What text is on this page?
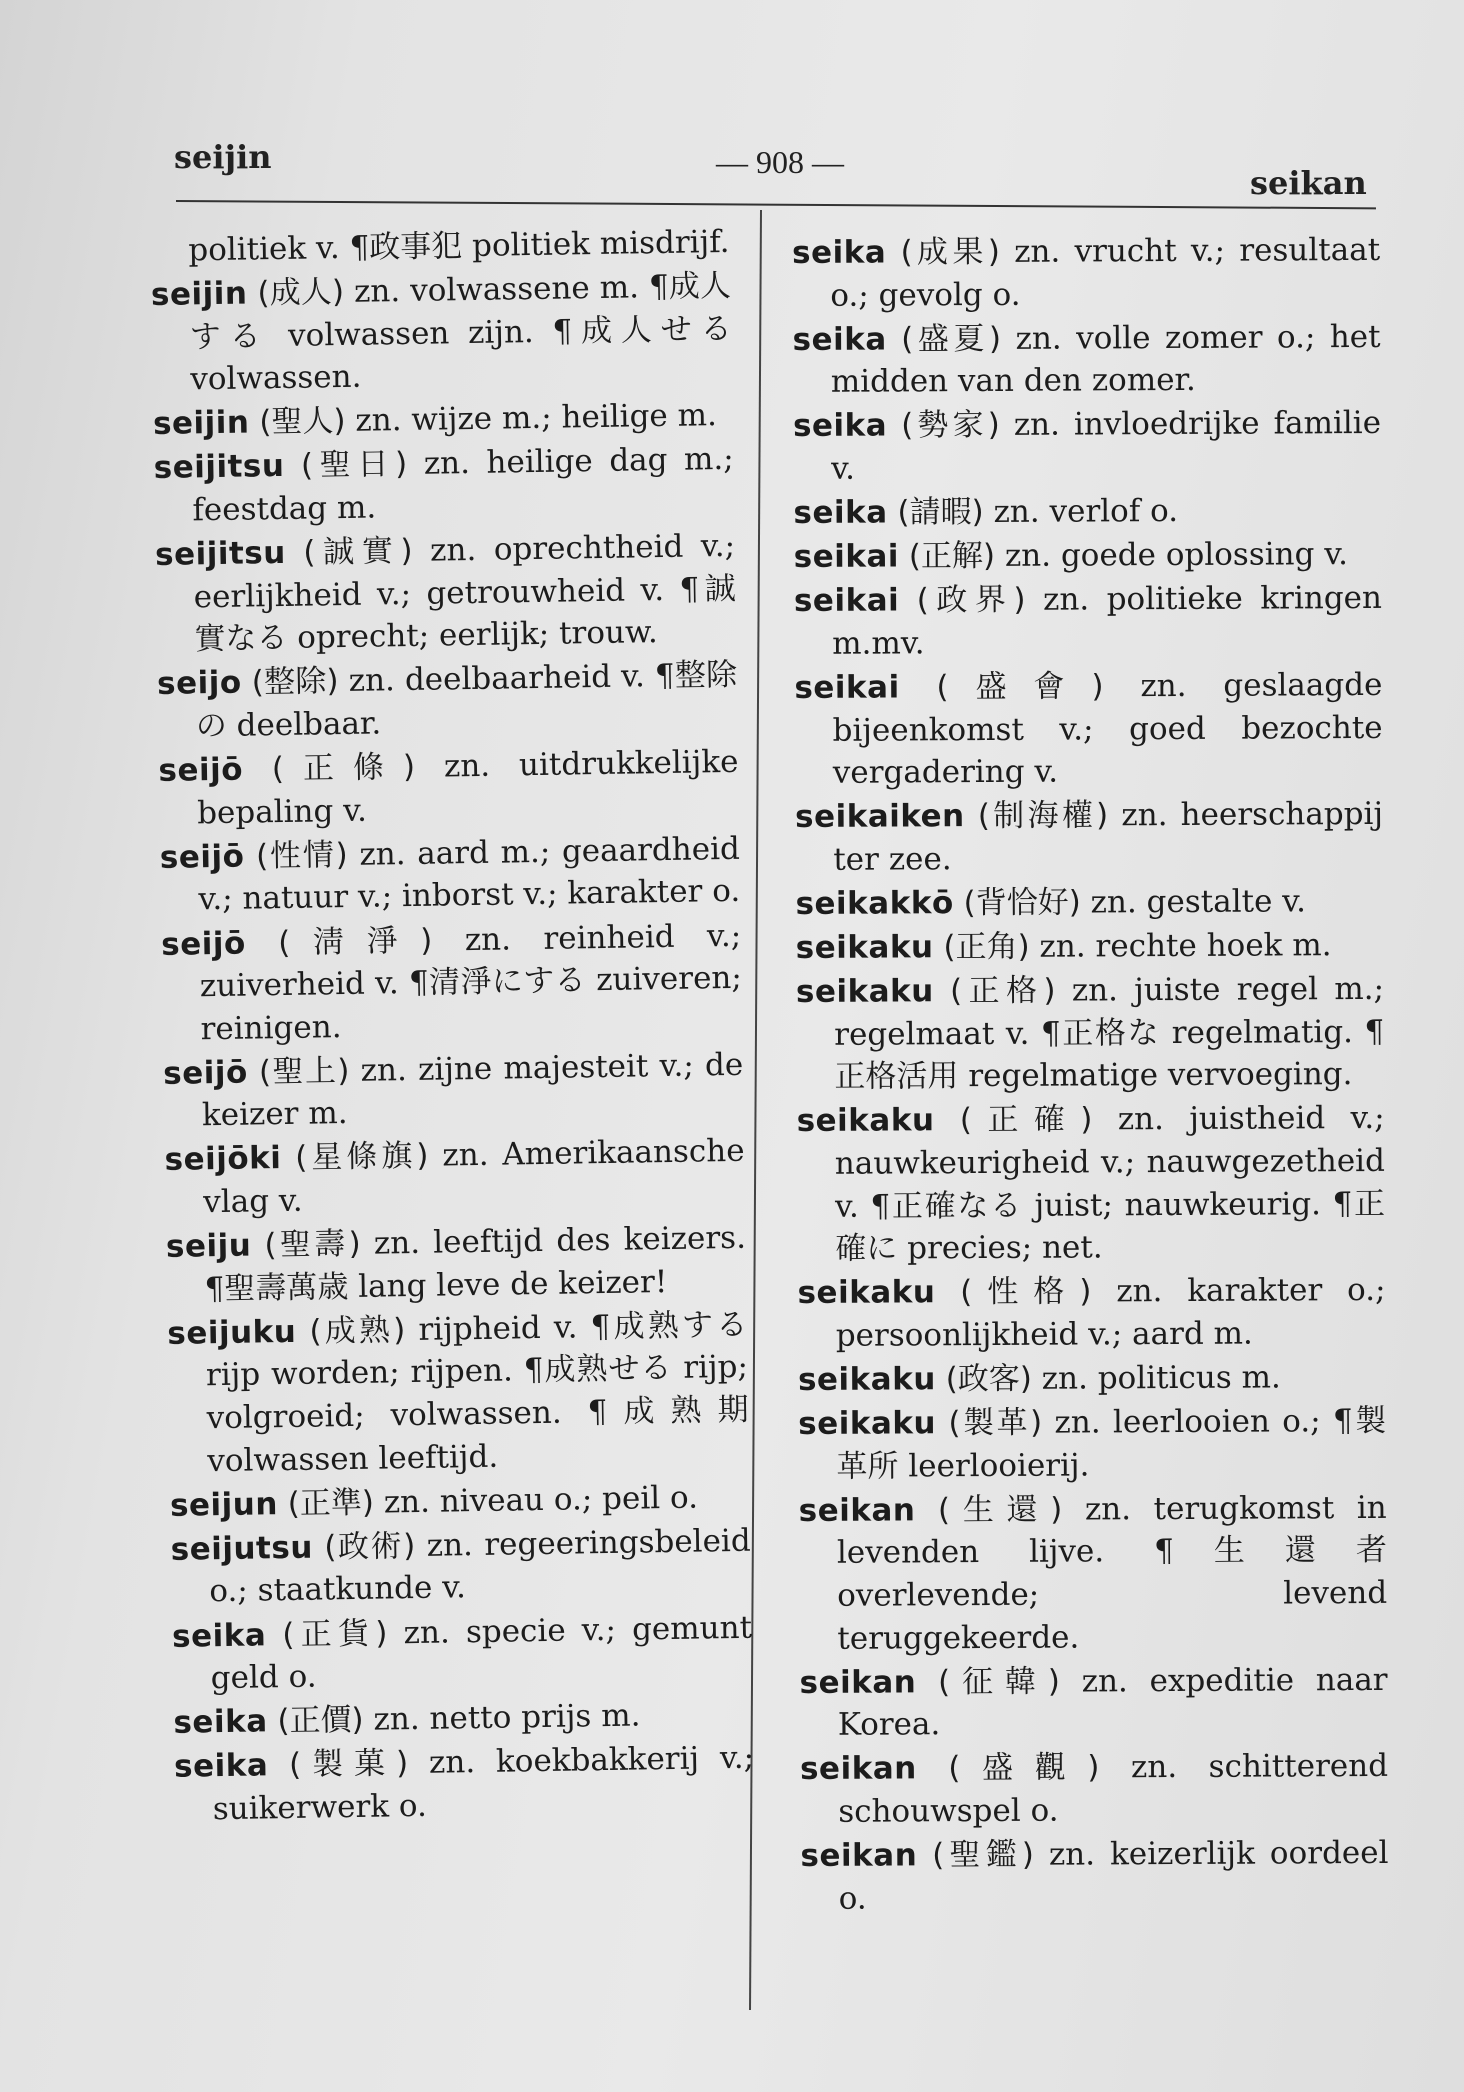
seijin	— 908 —
seikan
politiek v. ¶政事犯 politiek misdrijf.
seijin (成人) zn. volwassene m. ¶成人する volwassen zijn. ¶成人せる volwassen.
seijin (聖人) zn. wijze m.; heilige m.
seijitsu (聖日) zn. heilige dag m.; feestdag m.
seijitsu (誠實) zn. oprechtheid v.; eerlijkheid v.; getrouwheid v. ¶誠實なる oprecht; eerlijk; trouw.
seijo (整除) zn. deelbaarheid v. ¶整除の deelbaar.
seijō (正條) zn. uitdrukkelijke bepaling v.
seijō (性情) zn. aard m.; geaardheid v.; natuur v.; inborst v.; karakter o.
seijō (淸淨) zn. reinheid v.; zuiverheid v. ¶清淨にする zuiveren; reinigen.
seijō (聖上) zn. zijne majesteit v.; de keizer m.
seijōki (星條旗) zn. Amerikaansche vlag v.
seiju (聖壽) zn. leeftijd des keizers. ¶聖壽萬歳 lang leve de keizer!
seijuku (成熟) rijpheid v. ¶成熟する rijp worden; rijpen. ¶成熟せる rijp; volgroeid; volwassen. ¶成熟期 volwassen leeftijd.
seijun (正準) zn. niveau o.; peil o.
seijutsu (政術) zn. regeeringsbeleid o.; staatkunde v.
seika (正貨) zn. specie v.; gemunt geld o.
seika (正價) zn. netto prijs m.
seika (製菓) zn. koekbakkerij v.; suikerwerk o.
seika (成果) zn. vrucht v.; resultaat o.; gevolg o.
seika (盛夏) zn. volle zomer o.; het midden van den zomer.
seika (勢家) zn. invloedrijke familie v.
seika (請暇) zn. verlof o.
seikai (正解) zn. goede oplossing v.
seikai (政界) zn. politieke kringen m.mv.
seikai (盛會) zn. geslaagde bijeenkomst v.; goed bezochte vergadering v.
seikaiken (制海權) zn. heerschappij ter zee.
seikakkō (背恰好) zn. gestalte v.
seikaku (正角) zn. rechte hoek m.
seikaku (正格) zn. juiste regel m.; regelmaat v. ¶正格な regelmatig. ¶正格活用 regelmatige vervoeging.
seikaku (正確) zn. juistheid v.; nauwkeurigheid v.; nauwgezetheid v. ¶正確なる juist; nauwkeurig. ¶正確に precies; net.
seikaku (性格) zn. karakter o.; persoonlijkheid v.; aard m.
seikaku (政客) zn. politicus m.
seikaku (製革) zn. leerlooien o.; ¶製革所 leerlooierij.
seikan (生還) zn. terugkomst in levenden lijve. ¶生還者 overlevende; levend teruggekeerde.
seikan (征韓) zn. expeditie naar Korea.
seikan (盛觀) zn. schitterend schouwspel o.
seikan (聖鑑) zn. keizerlijk oordeel o.
